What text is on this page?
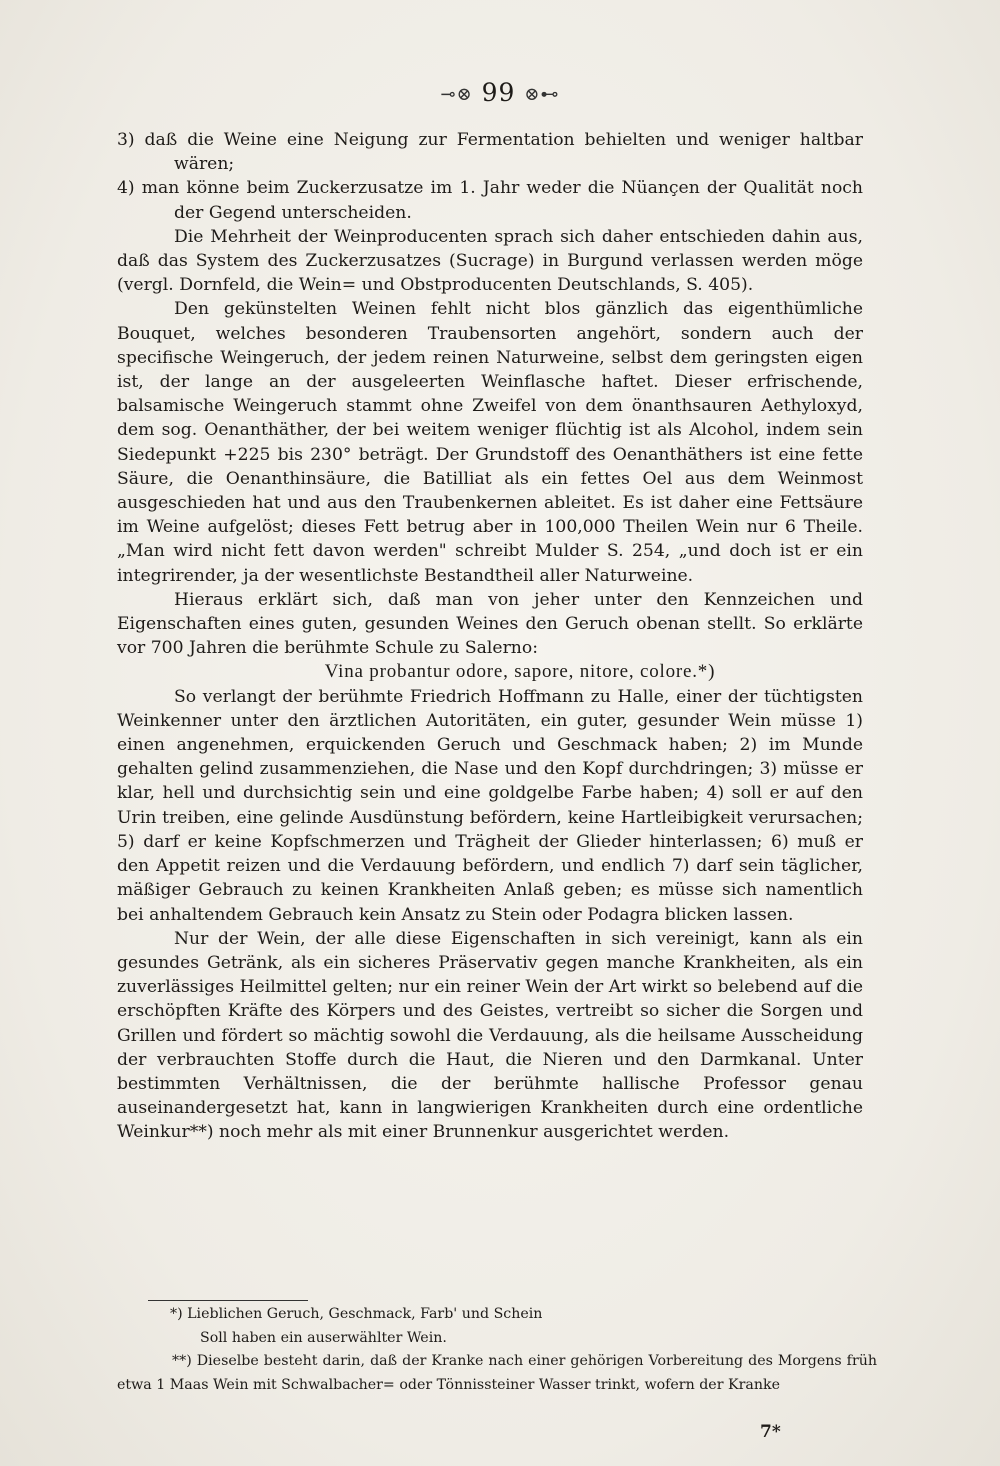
⊸⊗ 99 ⊗⊷

3) daß die Weine eine Neigung zur Fermentation behielten und weniger haltbar wären;

4) man könne beim Zuckerzusatze im 1. Jahr weder die Nüançen der Qualität noch der Gegend unterscheiden.

Die Mehrheit der Weinproducenten sprach sich daher entschieden dahin aus, daß das System des Zuckerzusatzes (Sucrage) in Burgund verlassen werden möge (vergl. Dornfeld, die Wein= und Obstproducenten Deutschlands, S. 405).

Den gekünstelten Weinen fehlt nicht blos gänzlich das eigenthümliche Bouquet, welches besonderen Traubensorten angehört, sondern auch der specifische Weingeruch, der jedem reinen Naturweine, selbst dem geringsten eigen ist, der lange an der ausgeleerten Weinflasche haftet. Dieser erfrischende, balsamische Weingeruch stammt ohne Zweifel von dem önanthsauren Aethyloxyd, dem sog. Oenanthäther, der bei weitem weniger flüchtig ist als Alcohol, indem sein Siedepunkt +225 bis 230° beträgt. Der Grundstoff des Oenanthäthers ist eine fette Säure, die Oenanthinsäure, die Batilliat als ein fettes Oel aus dem Weinmost ausgeschieden hat und aus den Traubenkernen ableitet. Es ist daher eine Fettsäure im Weine aufgelöst; dieses Fett betrug aber in 100,000 Theilen Wein nur 6 Theile. „Man wird nicht fett davon werden" schreibt Mulder S. 254, „und doch ist er ein integrirender, ja der wesentlichste Bestandtheil aller Naturweine.

Hieraus erklärt sich, daß man von jeher unter den Kennzeichen und Eigenschaften eines guten, gesunden Weines den Geruch obenan stellt. So erklärte vor 700 Jahren die berühmte Schule zu Salerno:

Vina probantur odore, sapore, nitore, colore.*)

So verlangt der berühmte Friedrich Hoffmann zu Halle, einer der tüchtigsten Weinkenner unter den ärztlichen Autoritäten, ein guter, gesunder Wein müsse 1) einen angenehmen, erquickenden Geruch und Geschmack haben; 2) im Munde gehalten gelind zusammenziehen, die Nase und den Kopf durchdringen; 3) müsse er klar, hell und durchsichtig sein und eine goldgelbe Farbe haben; 4) soll er auf den Urin treiben, eine gelinde Ausdünstung befördern, keine Hartleibigkeit verursachen; 5) darf er keine Kopfschmerzen und Trägheit der Glieder hinterlassen; 6) muß er den Appetit reizen und die Verdauung befördern, und endlich 7) darf sein täglicher, mäßiger Gebrauch zu keinen Krankheiten Anlaß geben; es müsse sich namentlich bei anhaltendem Gebrauch kein Ansatz zu Stein oder Podagra blicken lassen.

Nur der Wein, der alle diese Eigenschaften in sich vereinigt, kann als ein gesundes Getränk, als ein sicheres Präservativ gegen manche Krankheiten, als ein zuverlässiges Heilmittel gelten; nur ein reiner Wein der Art wirkt so belebend auf die erschöpften Kräfte des Körpers und des Geistes, vertreibt so sicher die Sorgen und Grillen und fördert so mächtig sowohl die Verdauung, als die heilsame Ausscheidung der verbrauchten Stoffe durch die Haut, die Nieren und den Darmkanal. Unter bestimmten Verhältnissen, die der berühmte hallische Professor genau auseinandergesetzt hat, kann in langwierigen Krankheiten durch eine ordentliche Weinkur**) noch mehr als mit einer Brunnenkur ausgerichtet werden.

*) Lieblichen Geruch, Geschmack, Farb' und Schein

Soll haben ein auserwählter Wein.

**) Dieselbe besteht darin, daß der Kranke nach einer gehörigen Vorbereitung des Morgens früh etwa 1 Maas Wein mit Schwalbacher= oder Tönnissteiner Wasser trinkt, wofern der Kranke

7*
